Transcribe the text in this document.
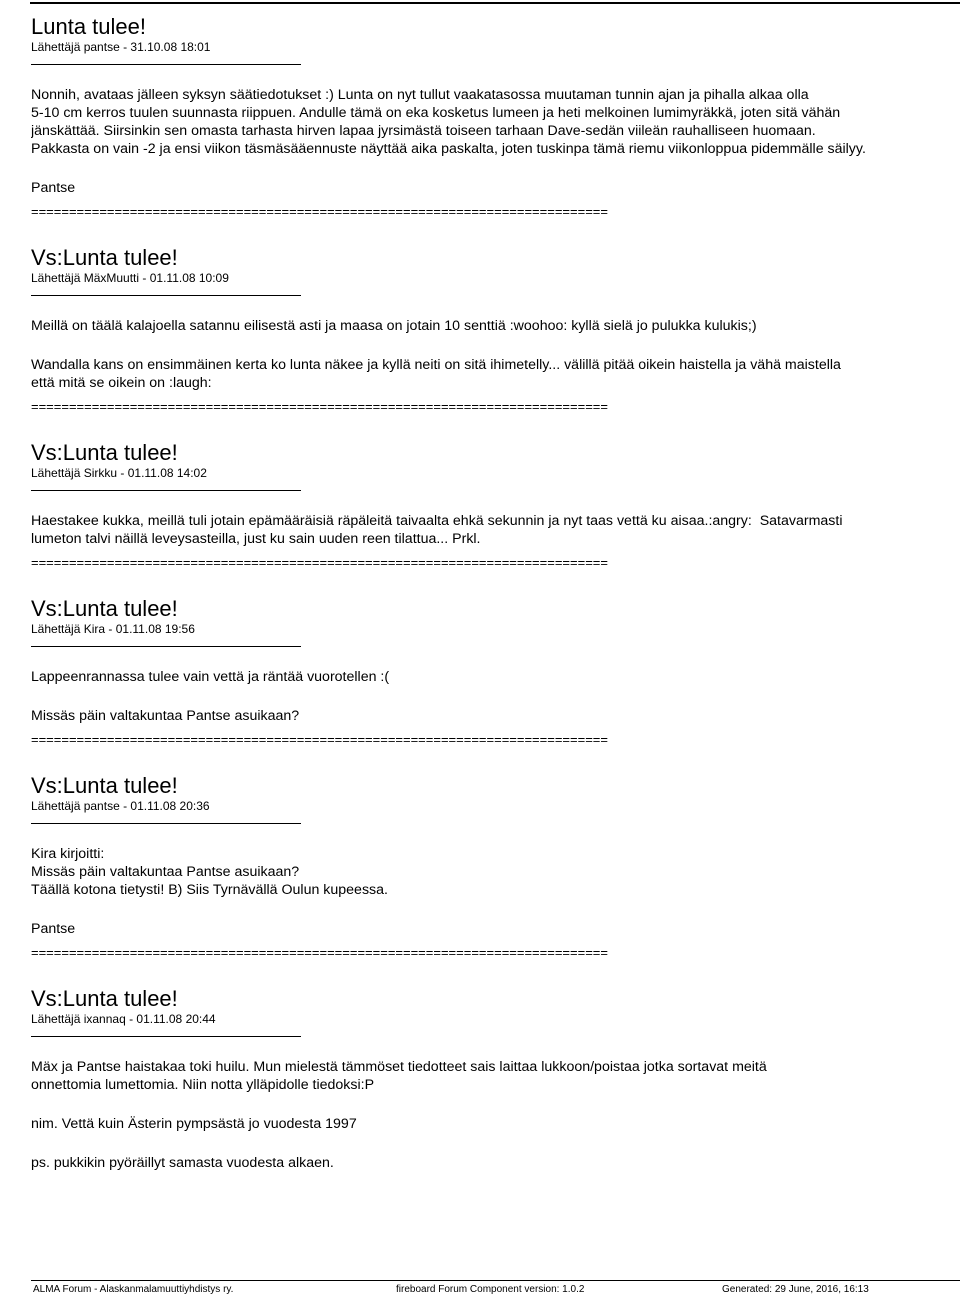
Lunta tulee!
Lähettäjä pantse - 31.10.08 18:01

Nonnih, avataas jälleen syksyn säätiedotukset :) Lunta on nyt tullut vaakatasossa muutaman tunnin ajan ja pihalla alkaa olla
5-10 cm kerros tuulen suunnasta riippuen. Andulle tämä on eka kosketus lumeen ja heti melkoinen lumimyräkkä, joten sitä vähän
jänskättää. Siirsinkin sen omasta tarhasta hirven lapaa jyrsimästä toiseen tarhaan Dave-sedän viileän rauhalliseen huomaan.
Pakkasta on vain -2 ja ensi viikon täsmäsääennuste näyttää aika paskalta, joten tuskinpa tämä riemu viikonloppua pidemmälle säilyy.

Pantse

============================================================================
Vs:Lunta tulee!
Lähettäjä MäxMuutti - 01.11.08 10:09

Meillä on täälä kalajoella satannu eilisestä asti ja maasa on jotain 10 senttiä :woohoo: kyllä sielä jo pulukka kulukis;)

Wandalla kans on ensimmäinen kerta ko lunta näkee ja kyllä neiti on sitä ihimetelly... välillä pitää oikein haistella ja vähä maistella
että mitä se oikein on :laugh:

============================================================================
Vs:Lunta tulee!
Lähettäjä Sirkku - 01.11.08 14:02

Haestakee kukka, meillä tuli jotain epämääräisiä räpäleitä taivaalta ehkä sekunnin ja nyt taas vettä ku aisaa.:angry:  Satavarmasti
lumeton talvi näillä leveysasteilla, just ku sain uuden reen tilattua... Prkl.

============================================================================
Vs:Lunta tulee!
Lähettäjä Kira - 01.11.08 19:56

Lappeenrannassa tulee vain vettä ja räntää vuorotellen :(

Missäs päin valtakuntaa Pantse asuikaan?

============================================================================
Vs:Lunta tulee!
Lähettäjä pantse - 01.11.08 20:36

Kira kirjoitti:
Missäs päin valtakuntaa Pantse asuikaan?
Täällä kotona tietysti! B) Siis Tyrnävällä Oulun kupeessa.

Pantse

============================================================================
Vs:Lunta tulee!
Lähettäjä ixannaq - 01.11.08 20:44

Mäx ja Pantse haistakaa toki huilu. Mun mielestä tämmöset tiedotteet sais laittaa lukkoon/poistaa jotka sortavat meitä
onnettomia lumettomia. Niin notta ylläpidolle tiedoksi:P

nim. Vettä kuin Ästerin pympsästä jo vuodesta 1997

ps. pukkikin pyöräillyt samasta vuodesta alkaen.

ALMA Forum - Alaskanmalamuuttiyhdistys ry.	fireboard Forum Component version: 1.0.2	Generated: 29 June, 2016, 16:13
